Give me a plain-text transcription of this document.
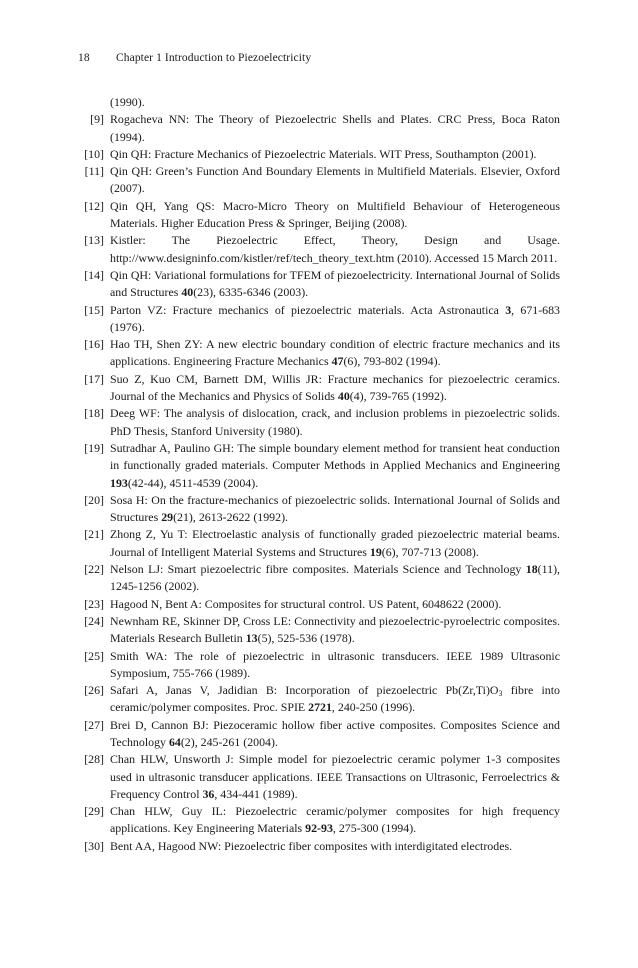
18 Chapter 1 Introduction to Piezoelectricity
(1990).
[9] Rogacheva NN: The Theory of Piezoelectric Shells and Plates. CRC Press, Boca Raton (1994).
[10] Qin QH: Fracture Mechanics of Piezoelectric Materials. WIT Press, Southampton (2001).
[11] Qin QH: Green’s Function And Boundary Elements in Multifield Materials. Elsevier, Oxford (2007).
[12] Qin QH, Yang QS: Macro-Micro Theory on Multifield Behaviour of Heterogeneous Materials. Higher Education Press & Springer, Beijing (2008).
[13] Kistler: The Piezoelectric Effect, Theory, Design and Usage. http://www.designinfo.com/kistler/ref/tech_theory_text.htm (2010). Accessed 15 March 2011.
[14] Qin QH: Variational formulations for TFEM of piezoelectricity. International Journal of Solids and Structures 40(23), 6335-6346 (2003).
[15] Parton VZ: Fracture mechanics of piezoelectric materials. Acta Astronautica 3, 671-683 (1976).
[16] Hao TH, Shen ZY: A new electric boundary condition of electric fracture mechanics and its applications. Engineering Fracture Mechanics 47(6), 793-802 (1994).
[17] Suo Z, Kuo CM, Barnett DM, Willis JR: Fracture mechanics for piezoelectric ceramics. Journal of the Mechanics and Physics of Solids 40(4), 739-765 (1992).
[18] Deeg WF: The analysis of dislocation, crack, and inclusion problems in piezoelectric solids. PhD Thesis, Stanford University (1980).
[19] Sutradhar A, Paulino GH: The simple boundary element method for transient heat conduction in functionally graded materials. Computer Methods in Applied Mechanics and Engineering 193(42-44), 4511-4539 (2004).
[20] Sosa H: On the fracture-mechanics of piezoelectric solids. International Journal of Solids and Structures 29(21), 2613-2622 (1992).
[21] Zhong Z, Yu T: Electroelastic analysis of functionally graded piezoelectric material beams. Journal of Intelligent Material Systems and Structures 19(6), 707-713 (2008).
[22] Nelson LJ: Smart piezoelectric fibre composites. Materials Science and Technology 18(11), 1245-1256 (2002).
[23] Hagood N, Bent A: Composites for structural control. US Patent, 6048622 (2000).
[24] Newnham RE, Skinner DP, Cross LE: Connectivity and piezoelectric-pyroelectric composites. Materials Research Bulletin 13(5), 525-536 (1978).
[25] Smith WA: The role of piezoelectric in ultrasonic transducers. IEEE 1989 Ultrasonic Symposium, 755-766 (1989).
[26] Safari A, Janas V, Jadidian B: Incorporation of piezoelectric $Pb(Zr,Ti)O_3$ fibre into ceramic/polymer composites. Proc. SPIE 2721, 240-250 (1996).
[27] Brei D, Cannon BJ: Piezoceramic hollow fiber active composites. Composites Science and Technology 64(2), 245-261 (2004).
[28] Chan HLW, Unsworth J: Simple model for piezoelectric ceramic polymer 1-3 composites used in ultrasonic transducer applications. IEEE Transactions on Ultrasonic, Ferroelectrics & Frequency Control 36, 434-441 (1989).
[29] Chan HLW, Guy IL: Piezoelectric ceramic/polymer composites for high frequency applications. Key Engineering Materials 92-93, 275-300 (1994).
[30] Bent AA, Hagood NW: Piezoelectric fiber composites with interdigitated electrodes.
